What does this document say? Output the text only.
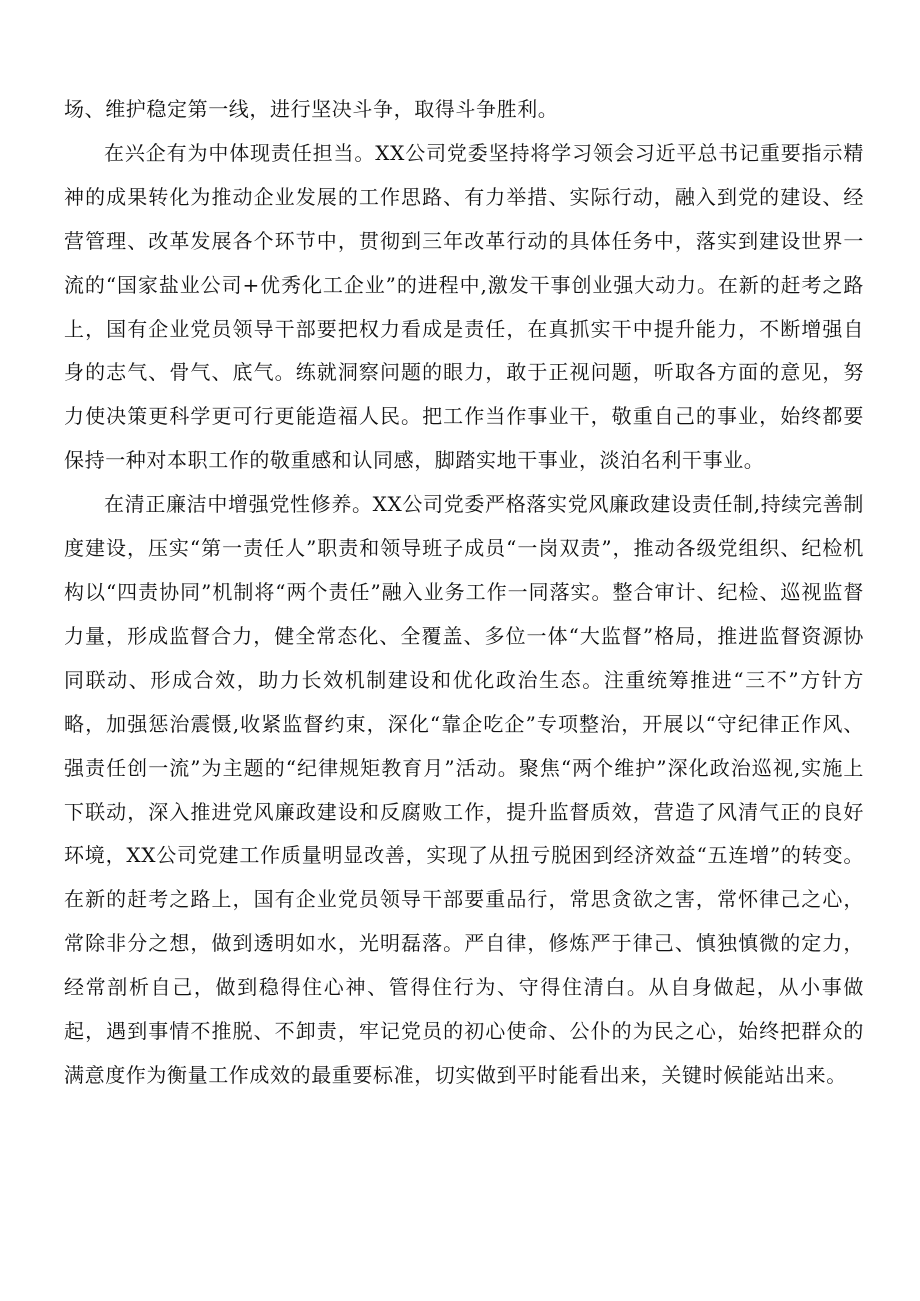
场、维护稳定第一线，进行坚决斗争，取得斗争胜利。

在兴企有为中体现责任担当。XX公司党委坚持将学习领会习近平总书记重要指示精神的成果转化为推动企业发展的工作思路、有力举措、实际行动，融入到党的建设、经营管理、改革发展各个环节中，贯彻到三年改革行动的具体任务中，落实到建设世界一流的“国家盐业公司+优秀化工企业”的进程中,激发干事创业强大动力。在新的赶考之路上，国有企业党员领导干部要把权力看成是责任，在真抓实干中提升能力，不断增强自身的志气、骨气、底气。练就洞察问题的眼力，敢于正视问题，听取各方面的意见，努力使决策更科学更可行更能造福人民。把工作当作事业干，敬重自己的事业，始终都要保持一种对本职工作的敬重感和认同感，脚踏实地干事业，淡泊名利干事业。

在清正廉洁中增强党性修养。XX公司党委严格落实党风廉政建设责任制,持续完善制度建设，压实“第一责任人”职责和领导班子成员“一岗双责”，推动各级党组织、纪检机构以“四责协同”机制将“两个责任”融入业务工作一同落实。整合审计、纪检、巡视监督力量，形成监督合力，健全常态化、全覆盖、多位一体“大监督”格局，推进监督资源协同联动、形成合效，助力长效机制建设和优化政治生态。注重统筹推进“三不”方针方略，加强惩治震慑,收紧监督约束，深化“靠企吃企”专项整治，开展以“守纪律正作风、强责任创一流”为主题的“纪律规矩教育月”活动。聚焦“两个维护”深化政治巡视,实施上下联动，深入推进党风廉政建设和反腐败工作，提升监督质效，营造了风清气正的良好环境，XX公司党建工作质量明显改善，实现了从扭亏脱困到经济效益“五连增”的转变。在新的赶考之路上，国有企业党员领导干部要重品行，常思贪欲之害，常怀律己之心，常除非分之想，做到透明如水，光明磊落。严自律，修炼严于律己、慎独慎微的定力，经常剖析自己，做到稳得住心神、管得住行为、守得住清白。从自身做起，从小事做起，遇到事情不推脱、不卸责，牢记党员的初心使命、公仆的为民之心，始终把群众的满意度作为衡量工作成效的最重要标准，切实做到平时能看出来，关键时候能站出来。
